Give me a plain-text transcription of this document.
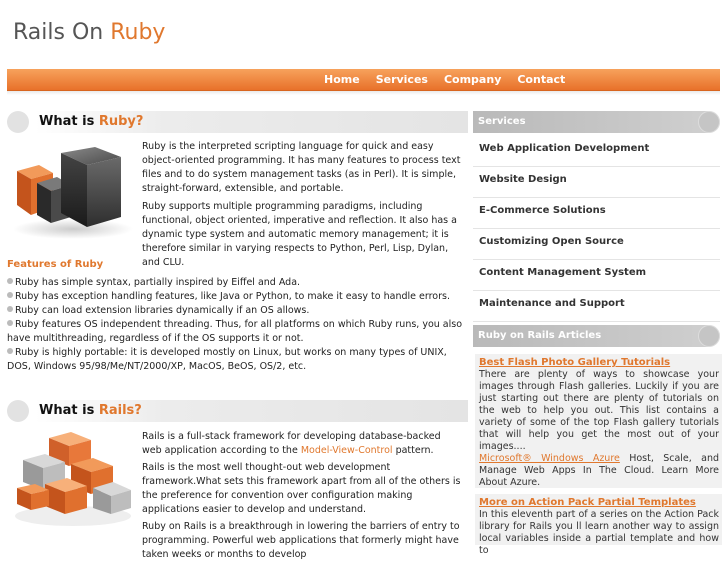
Rails On Ruby
Home	Services	Company	Contact
What is Ruby?
Ruby is the interpreted scripting language for quick and easy object-oriented programming. It has many features to process text files and to do system management tasks (as in Perl). It is simple, straight-forward, extensible, and portable.
Ruby supports multiple programming paradigms, including functional, object oriented, imperative and reflection. It also has a dynamic type system and automatic memory management; it is therefore similar in varying respects to Python, Perl, Lisp, Dylan, and CLU.
Features of Ruby
Ruby has simple syntax, partially inspired by Eiffel and Ada.
Ruby has exception handling features, like Java or Python, to make it easy to handle errors.
Ruby can load extension libraries dynamically if an OS allows.
Ruby features OS independent threading. Thus, for all platforms on which Ruby runs, you also have multithreading, regardless of if the OS supports it or not.
Ruby is highly portable: it is developed mostly on Linux, but works on many types of UNIX, DOS, Windows 95/98/Me/NT/2000/XP, MacOS, BeOS, OS/2, etc.
What is Rails?
Rails is a full-stack framework for developing database-backed web application according to the Model-View-Control pattern.
Rails is the most well thought-out web development framework.What sets this framework apart from all of the others is the preference for convention over configuration making applications easier to develop and understand.
Ruby on Rails is a breakthrough in lowering the barriers of entry to programming. Powerful web applications that formerly might have taken weeks or months to develop
Services
Web Application Development
Website Design
E-Commerce Solutions
Customizing Open Source
Content Management System
Maintenance and Support
Ruby on Rails Articles
Best Flash Photo Gallery Tutorials
There are plenty of ways to showcase your images through Flash galleries. Luckily if you are just starting out there are plenty of tutorials on the web to help you out. This list contains a variety of some of the top Flash gallery tutorials that will help you get the most out of your images....
Microsoft® Windows Azure Host, Scale, and Manage Web Apps In The Cloud. Learn More About Azure.
More on Action Pack Partial Templates
In this eleventh part of a series on the Action Pack library for Rails you ll learn another way to assign local variables inside a partial template and how to
